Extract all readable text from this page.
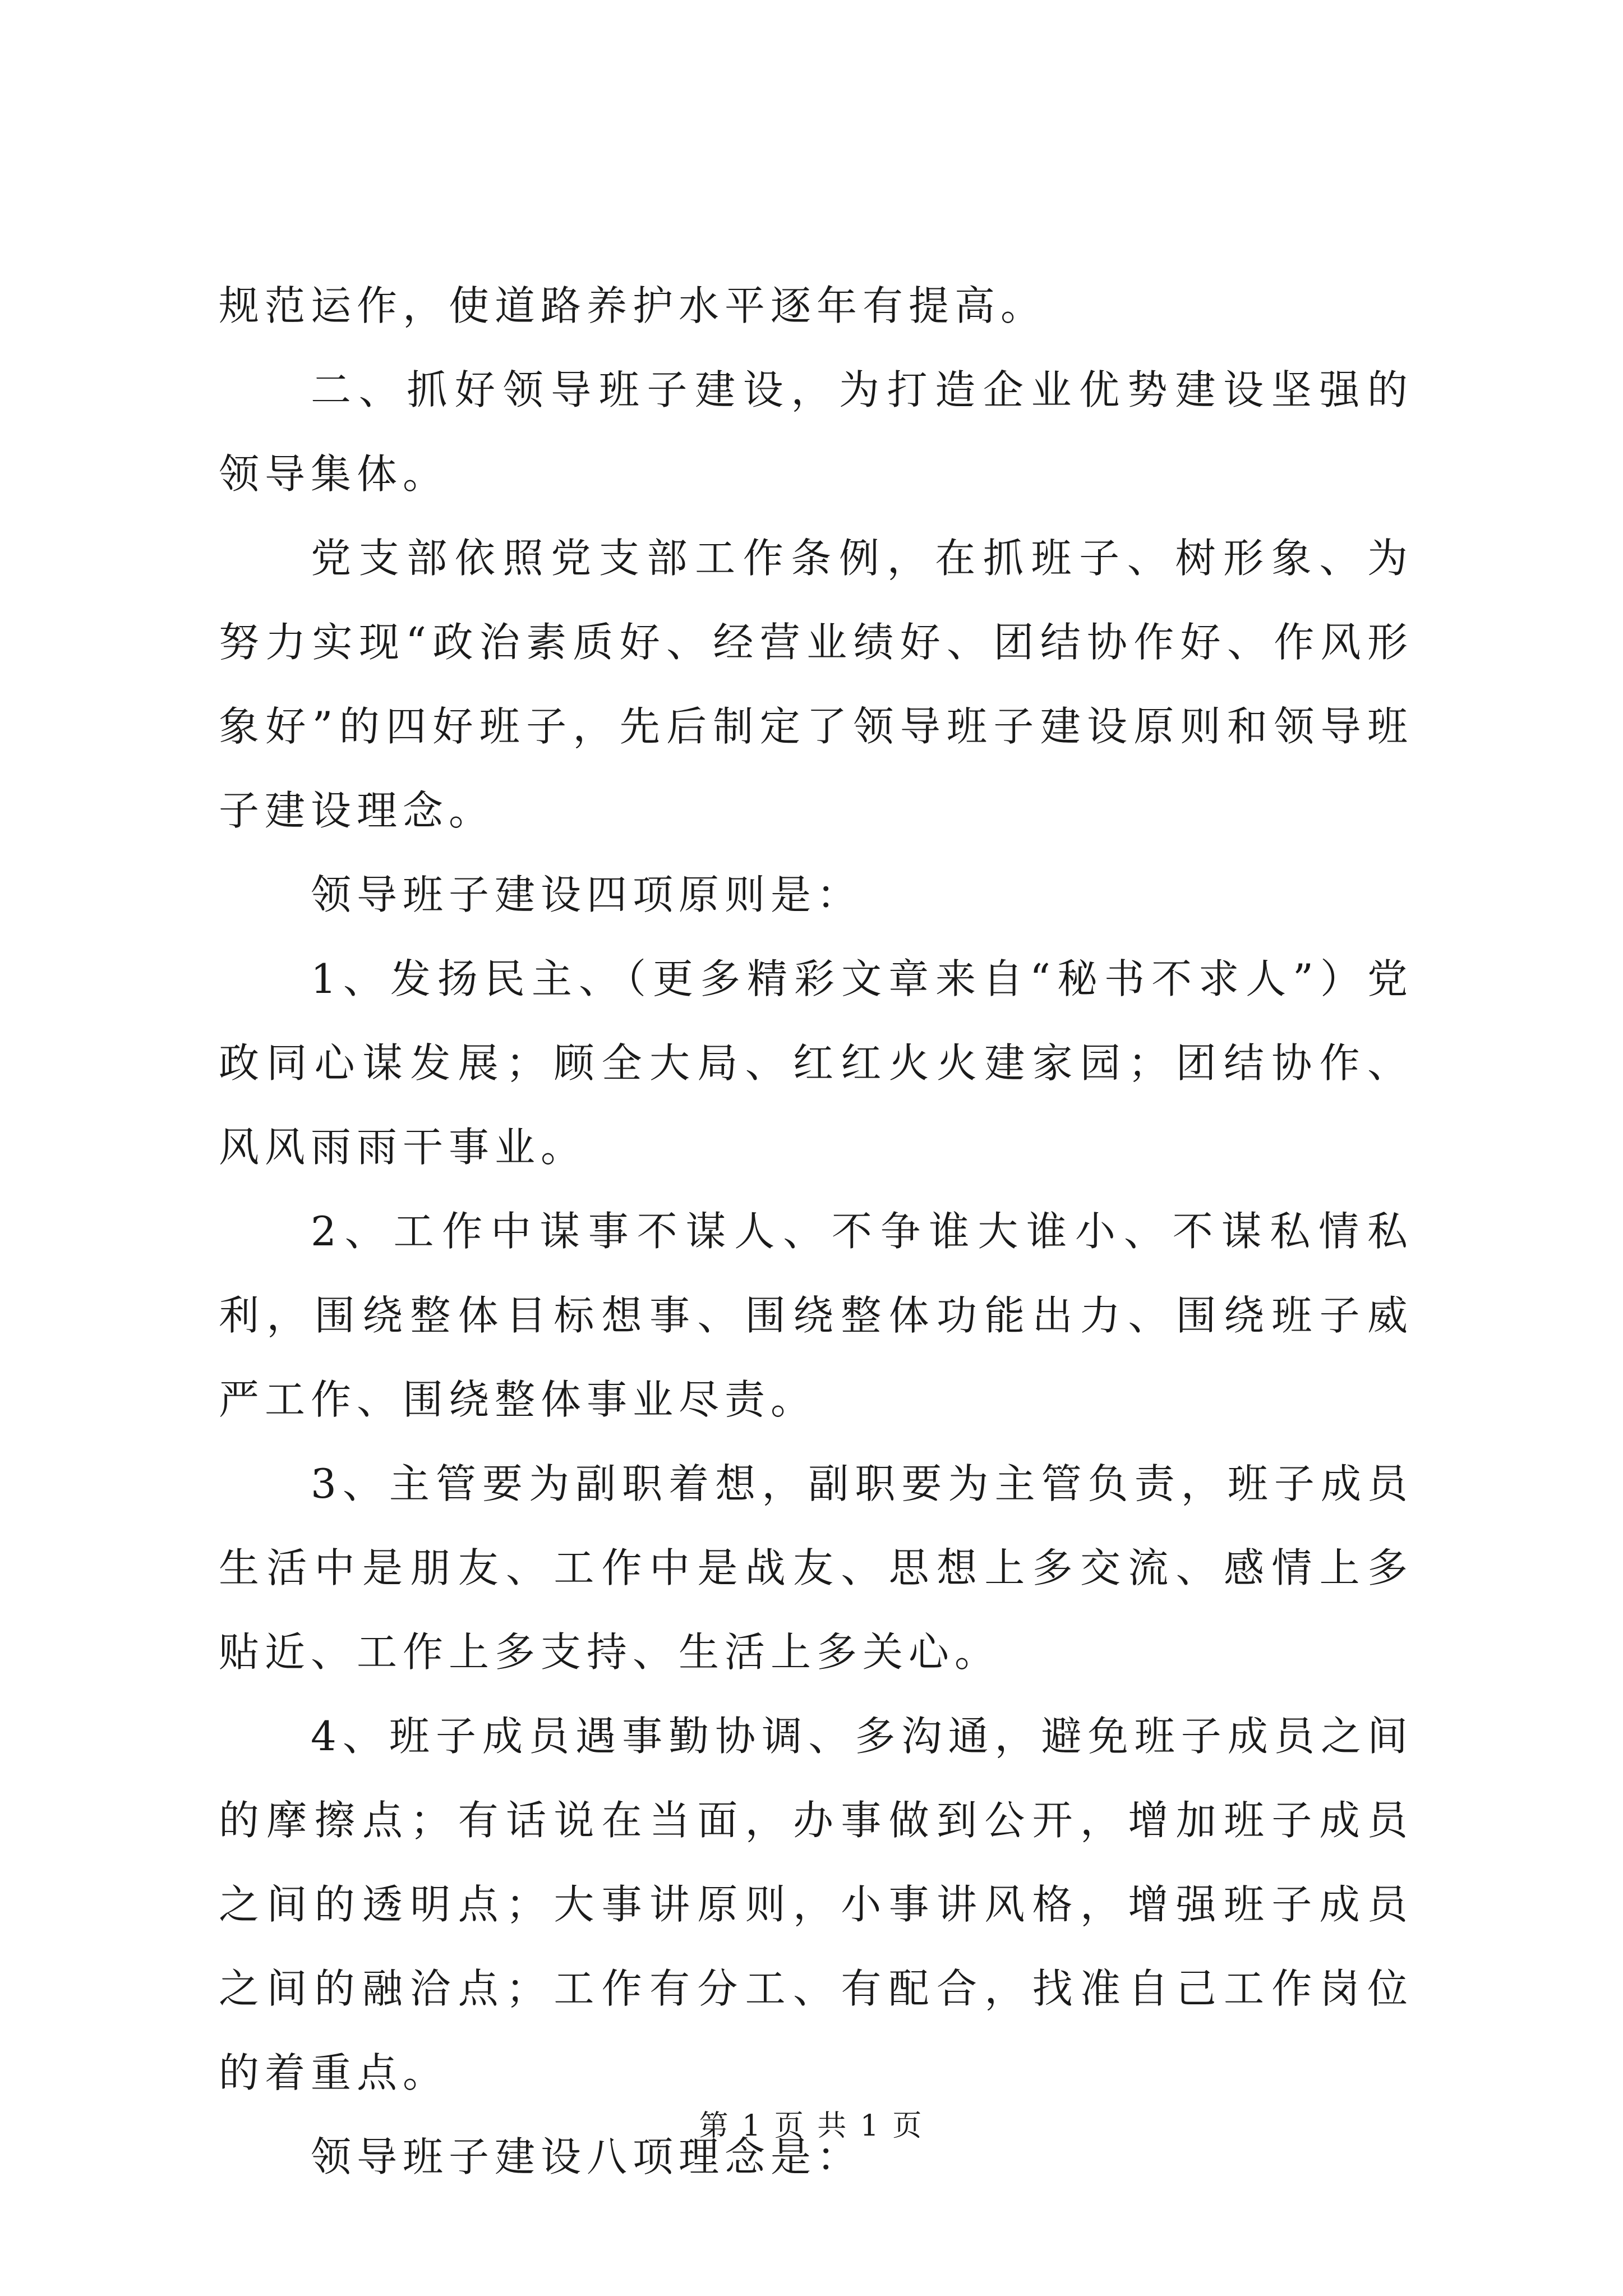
规范运作，使道路养护水平逐年有提高。

二、抓好领导班子建设，为打造企业优势建设坚强的领导集体。

党支部依照党支部工作条例，在抓班子、树形象、为努力实现“政治素质好、经营业绩好、团结协作好、作风形象好”的四好班子，先后制定了领导班子建设原则和领导班子建设理念。

领导班子建设四项原则是：

1、发扬民主、（更多精彩文章来自“秘书不求人”）党政同心谋发展；顾全大局、红红火火建家园；团结协作、风风雨雨干事业。

2、工作中谋事不谋人、不争谁大谁小、不谋私情私利，围绕整体目标想事、围绕整体功能出力、围绕班子威严工作、围绕整体事业尽责。

3、主管要为副职着想，副职要为主管负责，班子成员生活中是朋友、工作中是战友、思想上多交流、感情上多贴近、工作上多支持、生活上多关心。

4、班子成员遇事勤协调、多沟通，避免班子成员之间的摩擦点；有话说在当面，办事做到公开，增加班子成员之间的透明点；大事讲原则，小事讲风格，增强班子成员之间的融洽点；工作有分工、有配合，找准自己工作岗位的着重点。

领导班子建设八项理念是：

第 1 页 共 1 页
